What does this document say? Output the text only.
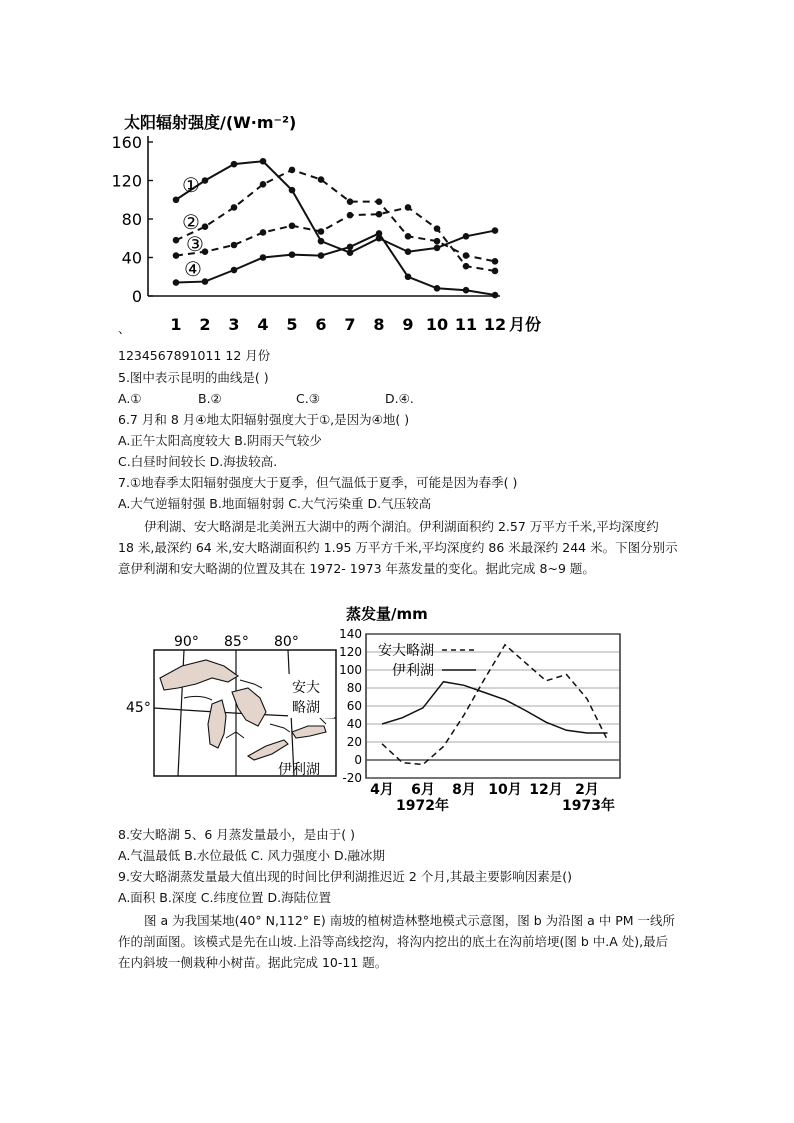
太阳辐射强度/(W·m⁻²)
0
40
80
120
160
1 2 3 4 5 6 7 8 9 10 11 12 月份
①
②
③
④
、
1234567891011 12 月份
5.图中表示昆明的曲线是( )
A.①	B.②	C.③	D.④.
6.7 月和 8 月④地太阳辐射强度大于①,是因为④地( )
A.正午太阳高度较大 B.阴雨天气较少
C.白昼时间较长 D.海拔较高.
7.①地春季太阳辐射强度大于夏季，但气温低于夏季，可能是因为春季( )
A.大气逆辐射强 B.地面辐射弱 C.大气污染重 D.气压较高
伊利湖、安大略湖是北美洲五大湖中的两个湖泊。伊利湖面积约 2.57 万平方千米,平均深度约 18 米,最深约 64 米,安大略湖面积约 1.95 万平方千米,平均深度约 86 米最深约 244 米。下图分别示意伊利湖和安大略湖的位置及其在 1972- 1973 年蒸发量的变化。据此完成 8~9 题。
90° 85° 80°
45°
安大
略湖
伊利湖
蒸发量/mm
140
120
100
80
60
40
20
0
-20
4月 6月 8月 10月 12月 2月
安大略湖
伊利湖
1972年	1973年
8.安大略湖 5、6 月蒸发量最小，是由于( )
A.气温最低 B.水位最低 C. 风力强度小 D.融冰期
9.安大略湖蒸发量最大值出现的时间比伊利湖推迟近 2 个月,其最主要影响因素是()
A.面积 B.深度 C.纬度位置 D.海陆位置
图 a 为我国某地(40° N,112° E) 南坡的植树造林整地模式示意图，图 b 为沿图 a 中 PM 一线所作的剖面图。该模式是先在山坡.上沿等高线挖沟，将沟内挖出的底土在沟前培埂(图 b 中.A 处),最后在内斜坡一侧栽种小树苗。据此完成 10-11 题。
